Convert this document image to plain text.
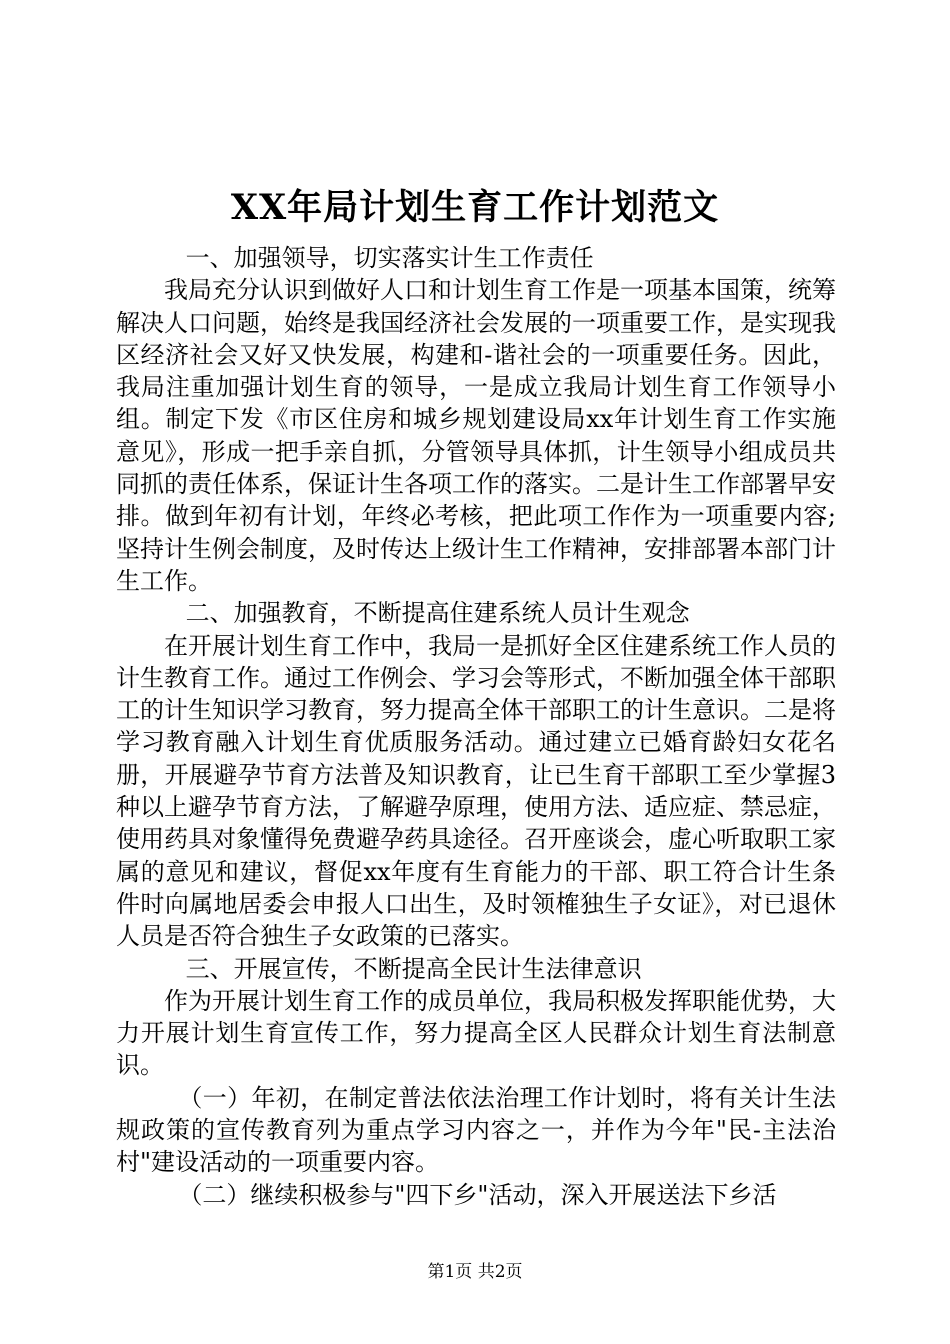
XX年局计划生育工作计划范文

一、加强领导，切实落实计生工作责任

我局充分认识到做好人口和计划生育工作是一项基本国策，统筹解决人口问题，始终是我国经济社会发展的一项重要工作，是实现我区经济社会又好又快发展，构建和-谐社会的一项重要任务。因此，我局注重加强计划生育的领导，一是成立我局计划生育工作领导小组。制定下发《市区住房和城乡规划建设局xx年计划生育工作实施意见》，形成一把手亲自抓，分管领导具体抓，计生领导小组成员共同抓的责任体系，保证计生各项工作的落实。二是计生工作部署早安排。做到年初有计划，年终必考核，把此项工作作为一项重要内容;坚持计生例会制度，及时传达上级计生工作精神，安排部署本部门计生工作。

二、加强教育，不断提高住建系统人员计生观念

在开展计划生育工作中，我局一是抓好全区住建系统工作人员的计生教育工作。通过工作例会、学习会等形式，不断加强全体干部职工的计生知识学习教育，努力提高全体干部职工的计生意识。二是将学习教育融入计划生育优质服务活动。通过建立已婚育龄妇女花名册，开展避孕节育方法普及知识教育，让已生育干部职工至少掌握3种以上避孕节育方法，了解避孕原理，使用方法、适应症、禁忌症，使用药具对象懂得免费避孕药具途径。召开座谈会，虚心听取职工家属的意见和建议，督促xx年度有生育能力的干部、职工符合计生条件时向属地居委会申报人口出生，及时领榷独生子女证》，对已退休人员是否符合独生子女政策的已落实。

三、开展宣传，不断提高全民计生法律意识

作为开展计划生育工作的成员单位，我局积极发挥职能优势，大力开展计划生育宣传工作，努力提高全区人民群众计划生育法制意识。

（一）年初，在制定普法依法治理工作计划时，将有关计生法规政策的宣传教育列为重点学习内容之一，并作为今年"民-主法治村"建设活动的一项重要内容。

（二）继续积极参与"四下乡"活动，深入开展送法下乡活

第1页 共2页
